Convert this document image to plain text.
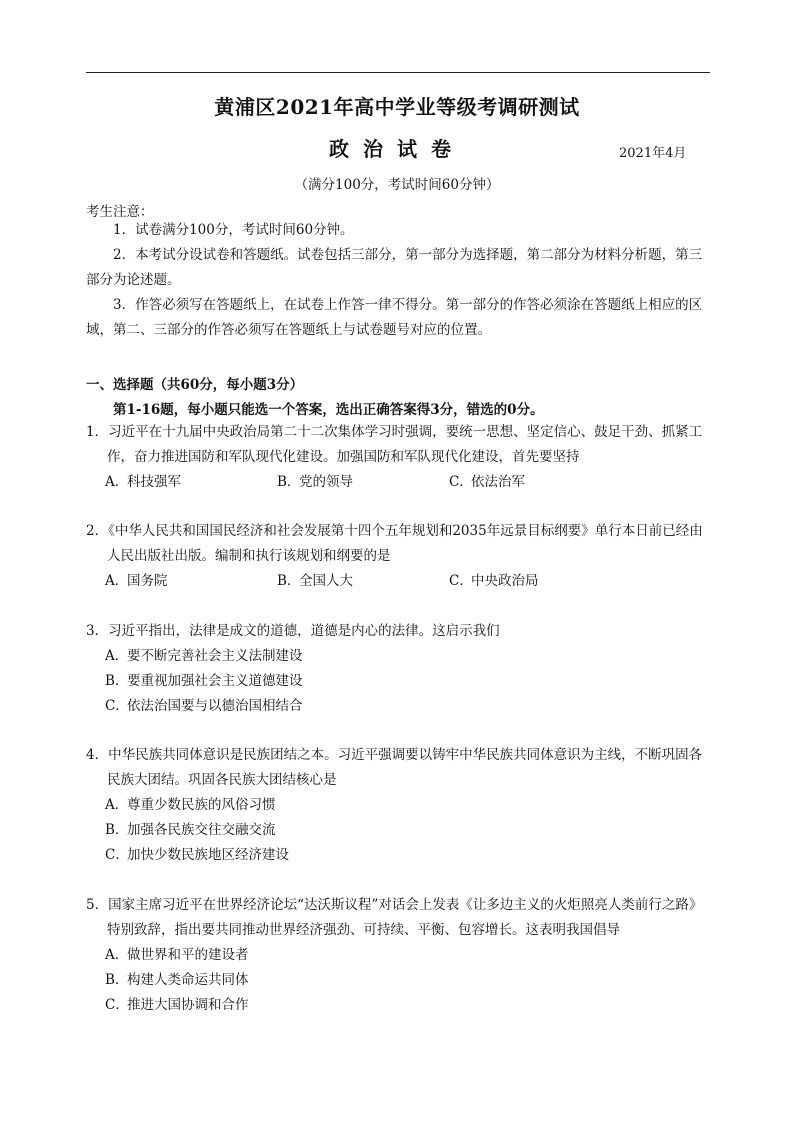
黄浦区2021年高中学业等级考调研测试
政治试卷	2021年4月
（满分100分，考试时间60分钟）
考生注意：
1．试卷满分100分，考试时间60分钟。
2．本考试分设试卷和答题纸。试卷包括三部分，第一部分为选择题，第二部分为材料分析题，第三部分为论述题。
3．作答必须写在答题纸上，在试卷上作答一律不得分。第一部分的作答必须涂在答题纸上相应的区域，第二、三部分的作答必须写在答题纸上与试卷题号对应的位置。
一、选择题（共60分，每小题3分）
第1-16题，每小题只能选一个答案，选出正确答案得3分，错选的0分。
1．习近平在十九届中央政治局第二十二次集体学习时强调，要统一思想、坚定信心、鼓足干劲、抓紧工作，奋力推进国防和军队现代化建设。加强国防和军队现代化建设，首先要坚持
A．科技强军	B．党的领导	C．依法治军
2．《中华人民共和国国民经济和社会发展第十四个五年规划和2035年远景目标纲要》单行本日前已经由人民出版社出版。编制和执行该规划和纲要的是
A．国务院	B．全国人大	C．中央政治局
3．习近平指出，法律是成文的道德，道德是内心的法律。这启示我们
A．要不断完善社会主义法制建设
B．要重视加强社会主义道德建设
C．依法治国要与以德治国相结合
4．中华民族共同体意识是民族团结之本。习近平强调要以铸牢中华民族共同体意识为主线，不断巩固各民族大团结。巩固各民族大团结核心是
A．尊重少数民族的风俗习惯
B．加强各民族交往交融交流
C．加快少数民族地区经济建设
5．国家主席习近平在世界经济论坛“达沃斯议程”对话会上发表《让多边主义的火炬照亮人类前行之路》特别致辞，指出要共同推动世界经济强劲、可持续、平衡、包容增长。这表明我国倡导
A．做世界和平的建设者
B．构建人类命运共同体
C．推进大国协调和合作
